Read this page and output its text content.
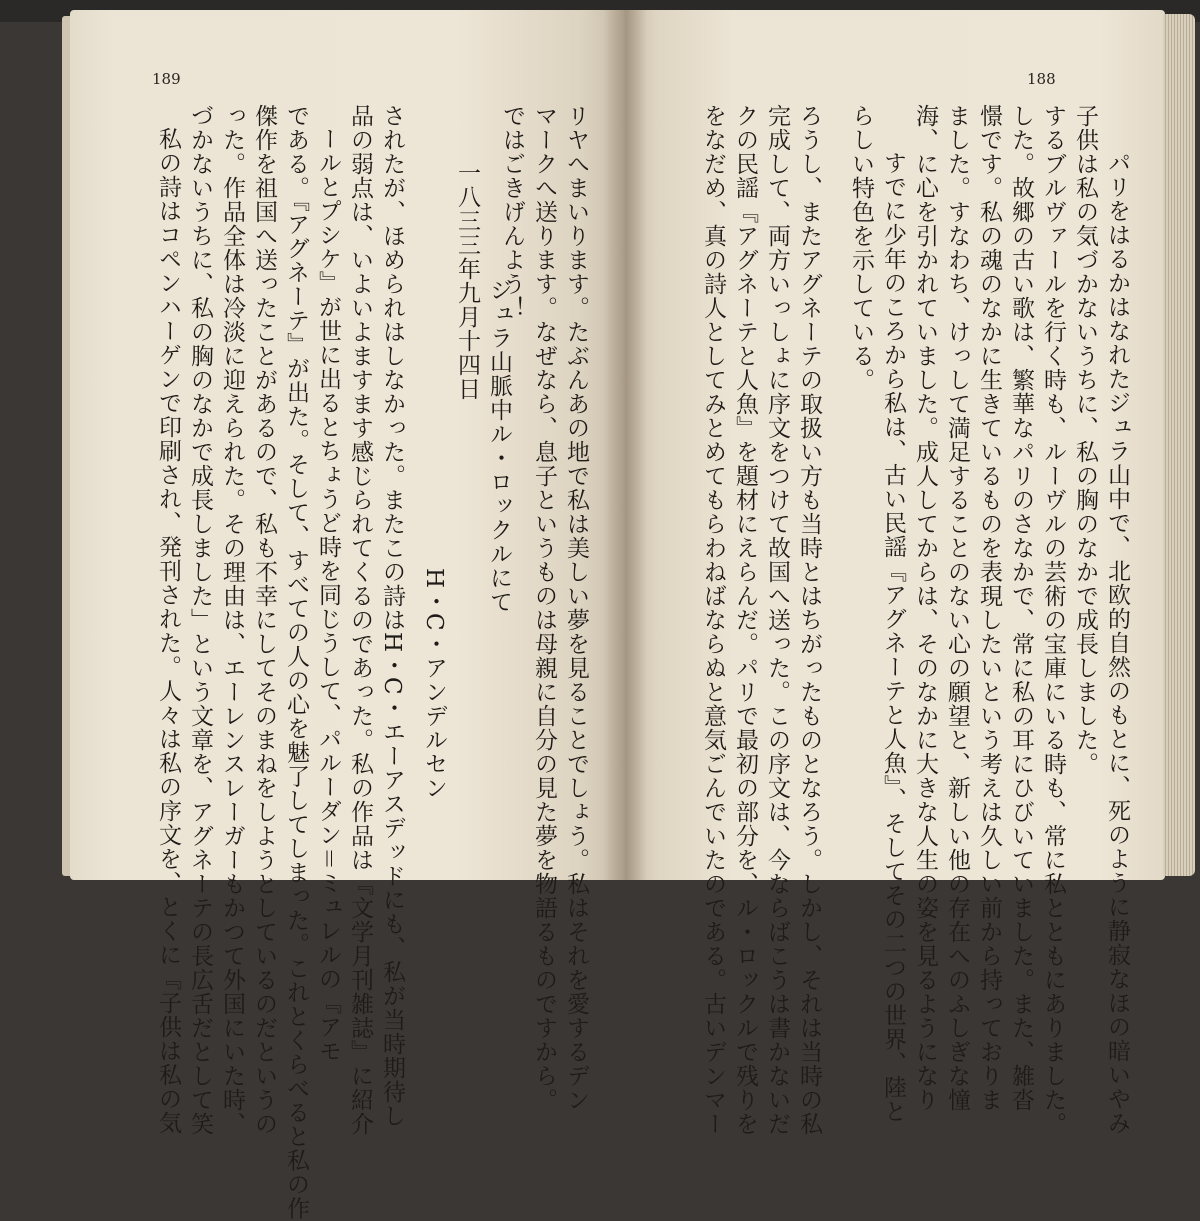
189

されたが、ほめられはしなかった。またこの詩はH・C・エーアスデッドにも、私が当時期待し

品の弱点は、いよいよますます感じられてくるのであった。私の作品は『文学月刊雑誌』に紹介

ールとプシケ』が世に出るとちょうど時を同じうして、パルーダン＝ミュレルの『アモ

である。『アグネーテ』が出た。そして、すべての人の心を魅了してしまった。これとくらべると私の作

傑作を祖国へ送ったことがあるので、私も不幸にしてそのまねをしようとしているのだというの

った。作品全体は冷淡に迎えられた。その理由は、エーレンスレーガーもかつて外国にいた時、

づかないうちに、私の胸のなかで成長しました」という文章を、アグネーテの長広舌だとして笑

私の詩はコペンハーゲンで印刷され、発刊された。人々は私の序文を、とくに『子供は私の気	H・C・アンデルセン

ジュラ山脈中ル・ロックルにて

一八三三年九月十四日	リヤへまいります。たぶんあの地で私は美しい夢を見ることでしょう。私はそれを愛するデン

マークへ送ります。なぜなら、息子というものは母親に自分の見た夢を物語るものですから。

ではごきげんよう！

188

　パリをはるかはなれたジュラ山中で、北欧的自然のもとに、死のように静寂なほの暗いやみ

子供は私の気づかないうちに、私の胸のなかで成長しました。

するブルヴァールを行く時も、ルーヴルの芸術の宝庫にいる時も、常に私とともにありました。

した。故郷の古い歌は、繁華なパリのさなかで、常に私の耳にひびいていました。また、雑沓

憬です。私の魂のなかに生きているものを表現したいという考えは久しい前から持っておりま

ました。すなわち、けっして満足することのない心の願望と、新しい他の存在へのふしぎな憧

海、に心を引かれていました。成人してからは、そのなかに大きな人生の姿を見るようになり

　すでに少年のころから私は、古い民謡『アグネーテと人魚』、そしてその二つの世界、陸と

らしい特色を示している。

ろうし、またアグネーテの取扱い方も当時とはちがったものとなろう。しかし、それは当時の私

完成して、両方いっしょに序文をつけて故国へ送った。この序文は、今ならばこうは書かないだ

クの民謡『アグネーテと人魚』を題材にえらんだ。パリで最初の部分を、ル・ロックルで残りを

をなだめ、真の詩人としてみとめてもらわねばならぬと意気ごんでいたのである。古いデンマー
